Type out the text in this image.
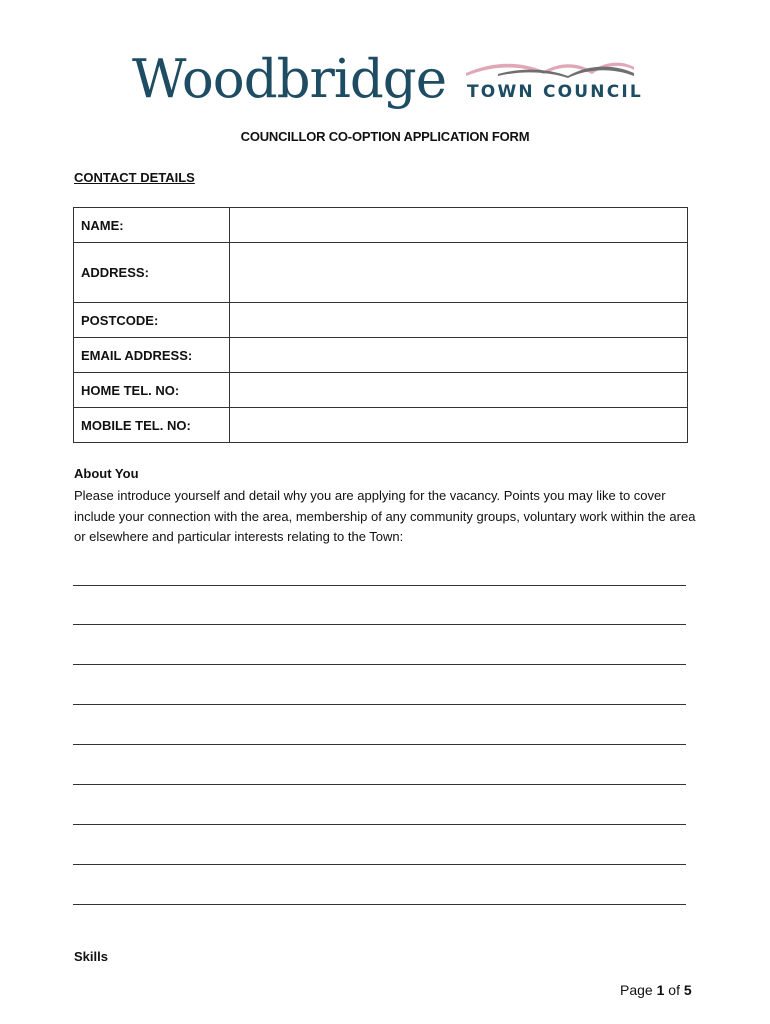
Woodbridge TOWN COUNCIL
COUNCILLOR CO-OPTION APPLICATION FORM
CONTACT DETAILS
NAME:	
ADDRESS:	
POSTCODE:	
EMAIL ADDRESS:	
HOME TEL. NO:	
MOBILE TEL. NO:	
About You
Please introduce yourself and detail why you are applying for the vacancy. Points you may like to cover include your connection with the area, membership of any community groups, voluntary work within the area or elsewhere and particular interests relating to the Town:
Skills
Page 1 of 5
